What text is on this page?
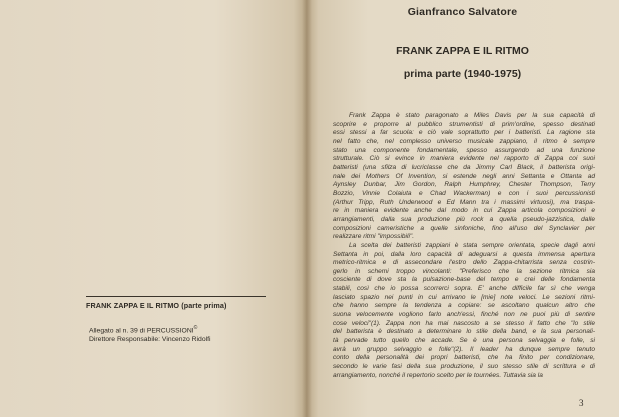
FRANK ZAPPA E IL RITMO (parte prima)
Allegato al n. 39 di PERCUSSIONI©
Direttore Responsabile: Vincenzo Ridolfi
Gianfranco Salvatore
FRANK ZAPPA E IL RITMO
prima parte (1940-1975)
Frank Zappa è stato paragonato a Miles Davis per la sua capacità di
scoprire e proporre al pubblico strumentisti di prim'ordine, spesso destinati
essi stessi a far scuola: e ciò vale soprattutto per i batteristi. La ragione sta
nel fatto che, nel complesso universo musicale zappiano, il ritmo è sempre
stato una componente fondamentale, spesso assurgendo ad una funzione
strutturale. Ciò si evince in maniera evidente nel rapporto di Zappa coi suoi
batteristi (una sfilza di lucriclasse che da Jimmy Carl Black, il batterista origi-
nale dei Mothers Of Invention, si estende negli anni Settanta e Ottanta ad
Aynsley Dunbar, Jim Gordon, Ralph Humphrey, Chester Thompson, Terry
Bozzio, Vinnie Colaiuta e Chad Wackerman) e con i suoi percussionisti
(Arthur Tripp, Ruth Underwood e Ed Mann tra i massimi virtuosi), ma traspa-
re in maniera evidente anche dal modo in cui Zappa articola composizioni e
arrangiamenti, dalla sua produzione più rock a quella pseudo-jazzistica, dalle
composizioni cameristiche a quelle sinfoniche, fino all'uso del Synclavier per
realizzare ritmi "impossibili".
La scelta dei batteristi zappiani è stata sempre orientata, specie dagli anni
Settanta in poi, dalla loro capacità di adeguarsi a questa immensa apertura
metrico-ritmica e di assecondare l'estro dello Zappa-chitarrista senza costrin-
gerlo in schemi troppo vincolanti: "Preferisco che la sezione ritmica sia
cosciente di dove sta la pulsazione-base del tempo e crei delle fondamenta
stabili, così che io possa scorrerci sopra. E' anche difficile far sì che venga
lasciato spazio nei punti in cui arrivano le [mie] note veloci. Le sezioni ritmi-
che hanno sempre la tendenza a copiare: se ascoltano qualcun altro che
suona velocemente vogliono farlo anch'essi, finché non ne puoi più di sentire
cose veloci"(1). Zappa non ha mai nascosto a se stesso il fatto che "lo stile
del batterista è destinato a determinare lo stile della band, e la sua personali-
tà pervade tutto quello che accade. Se è una persona selvaggia e folle, si
avrà un gruppo selvaggio e folle"(2). Il leader ha dunque sempre tenuto
conto della personalità dei propri batteristi, che ha finito per condizionare,
secondo le varie fasi della sua produzione, il suo stesso stile di scrittura e di
arrangiamento, nonché il repertorio scelto per le tournées. Tuttavia sia la
3
